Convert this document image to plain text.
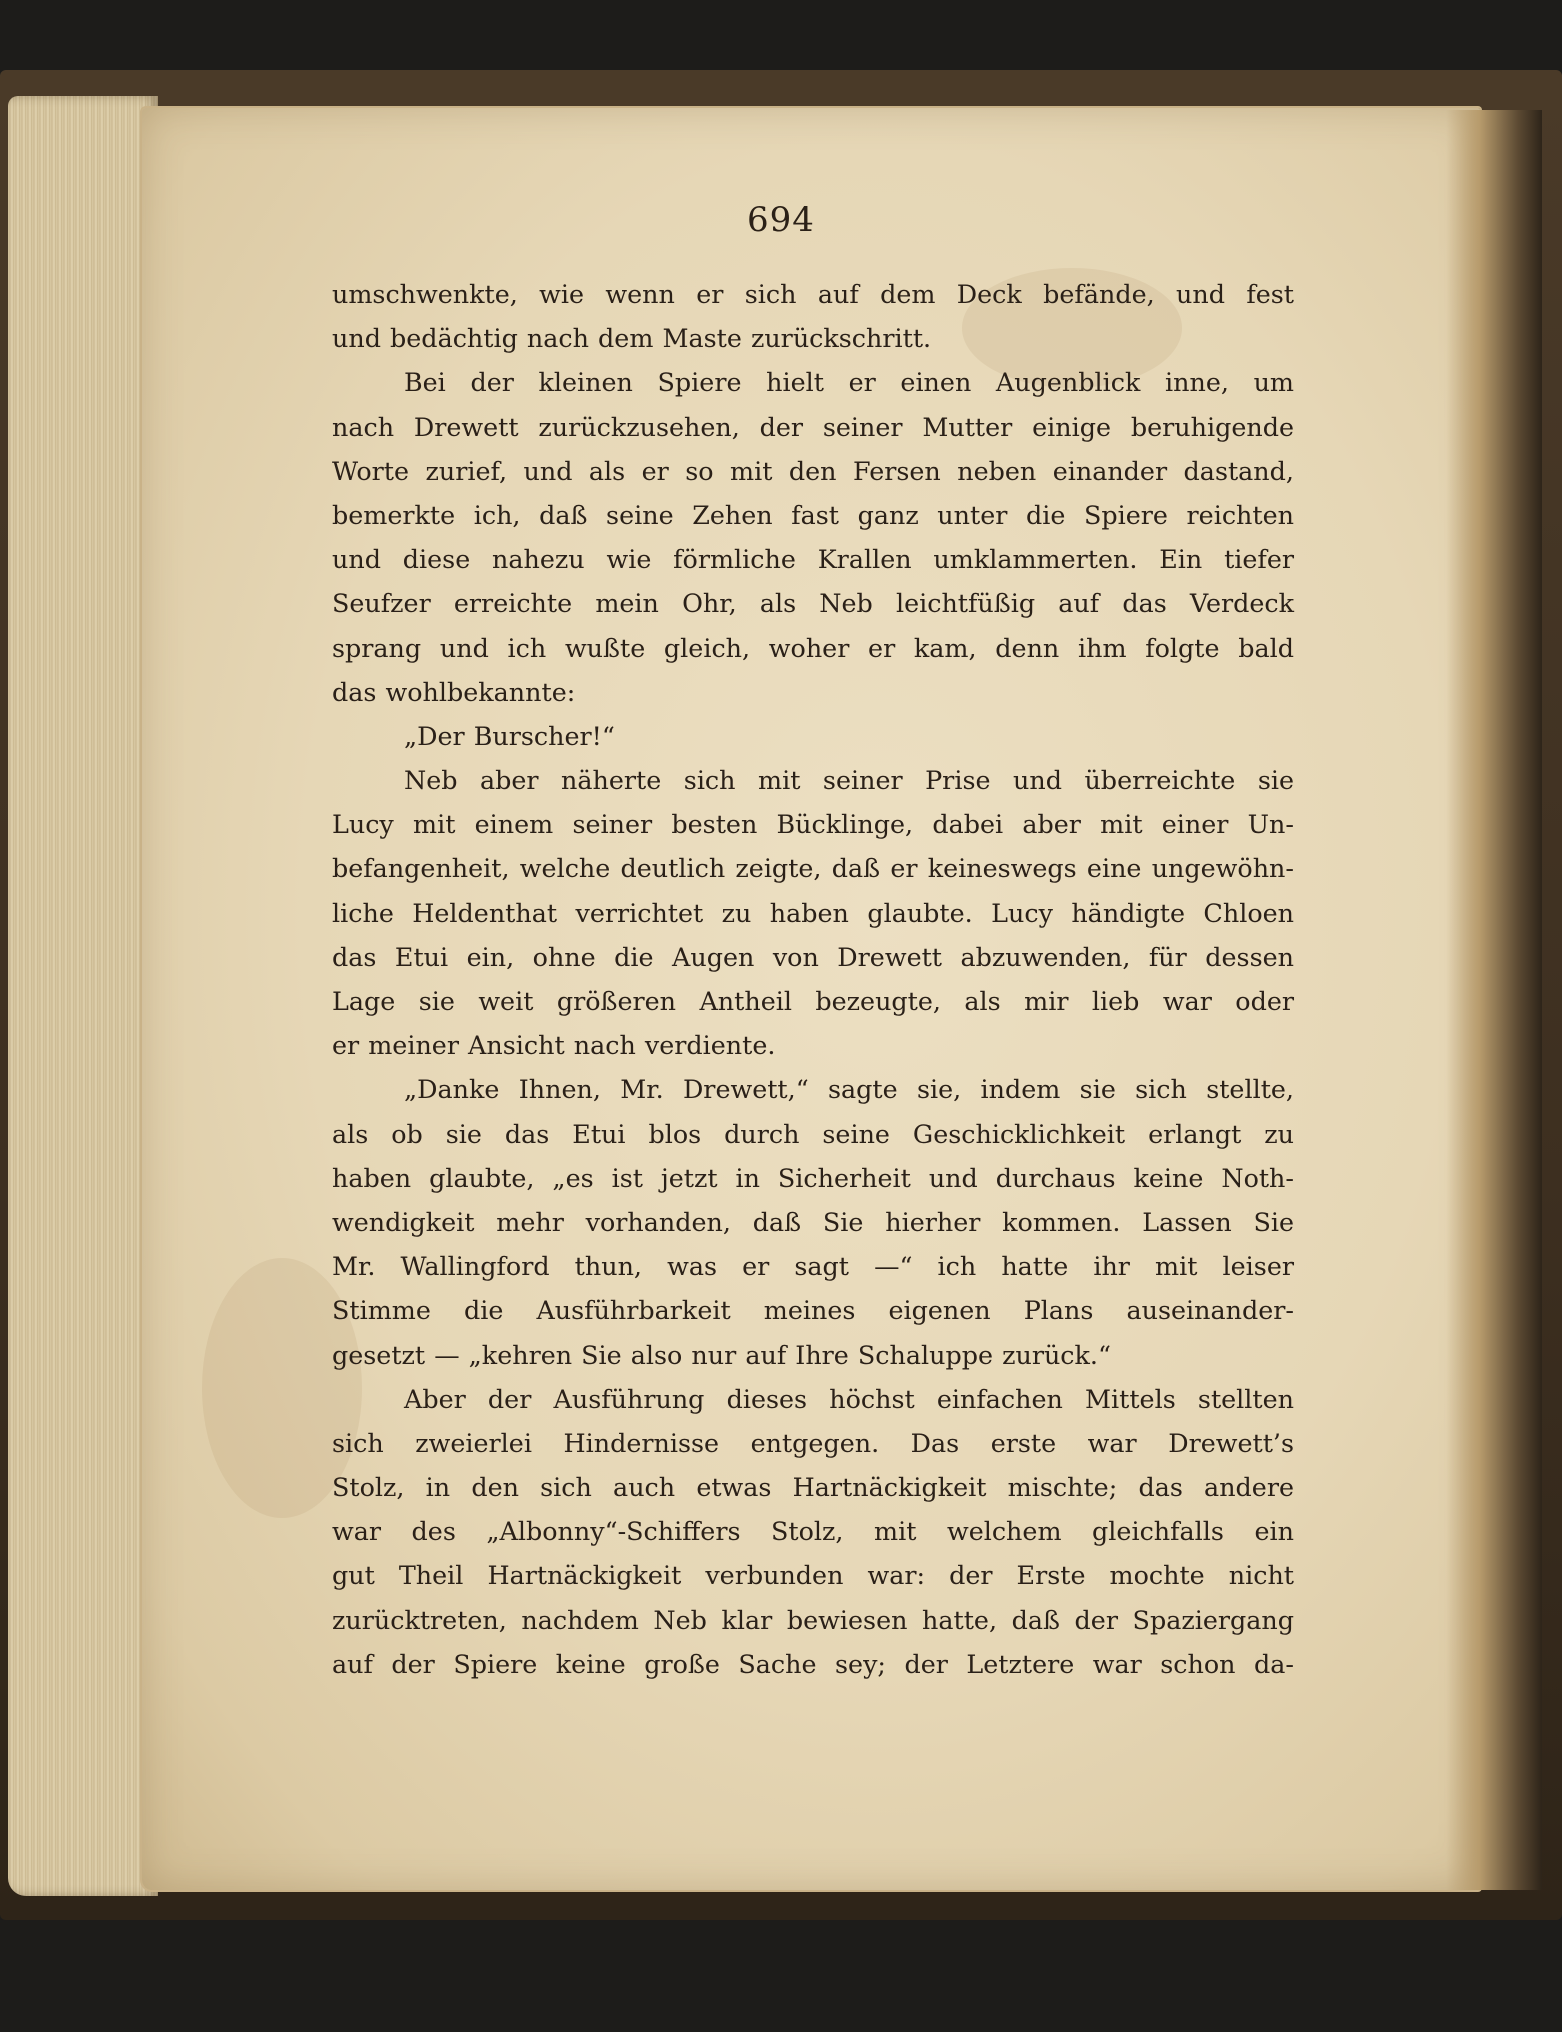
694
umschwenkte, wie wenn er sich auf dem Deck befände, und fest
und bedächtig nach dem Maste zurückschritt.
Bei der kleinen Spiere hielt er einen Augenblick inne, um
nach Drewett zurückzusehen, der seiner Mutter einige beruhigende
Worte zurief, und als er so mit den Fersen neben einander dastand,
bemerkte ich, daß seine Zehen fast ganz unter die Spiere reichten
und diese nahezu wie förmliche Krallen umklammerten. Ein tiefer
Seufzer erreichte mein Ohr, als Neb leichtfüßig auf das Verdeck
sprang und ich wußte gleich, woher er kam, denn ihm folgte bald
das wohlbekannte:
„Der Burscher!“
Neb aber näherte sich mit seiner Prise und überreichte sie
Lucy mit einem seiner besten Bücklinge, dabei aber mit einer Un-
befangenheit, welche deutlich zeigte, daß er keineswegs eine ungewöhn-
liche Heldenthat verrichtet zu haben glaubte. Lucy händigte Chloen
das Etui ein, ohne die Augen von Drewett abzuwenden, für dessen
Lage sie weit größeren Antheil bezeugte, als mir lieb war oder
er meiner Ansicht nach verdiente.
„Danke Ihnen, Mr. Drewett,“ sagte sie, indem sie sich stellte,
als ob sie das Etui blos durch seine Geschicklichkeit erlangt zu
haben glaubte, „es ist jetzt in Sicherheit und durchaus keine Noth-
wendigkeit mehr vorhanden, daß Sie hierher kommen. Lassen Sie
Mr. Wallingford thun, was er sagt —“ ich hatte ihr mit leiser
Stimme die Ausführbarkeit meines eigenen Plans auseinander-
gesetzt — „kehren Sie also nur auf Ihre Schaluppe zurück.“
Aber der Ausführung dieses höchst einfachen Mittels stellten
sich zweierlei Hindernisse entgegen. Das erste war Drewett’s
Stolz, in den sich auch etwas Hartnäckigkeit mischte; das andere
war des „Albonny“-Schiffers Stolz, mit welchem gleichfalls ein
gut Theil Hartnäckigkeit verbunden war: der Erste mochte nicht
zurücktreten, nachdem Neb klar bewiesen hatte, daß der Spaziergang
auf der Spiere keine große Sache sey; der Letztere war schon da-
